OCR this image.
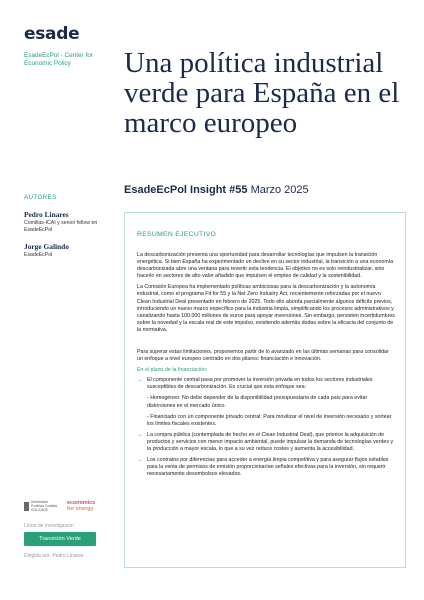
esade
EsadeEcPol - Center for Economic Policy
AUTORES
Pedro Linares
Comillas-ICAI y senior fellow en EsadeEcPol
Jorge Galindo
EsadeEcPol
Una política industrial verde para España en el marco europeo
EsadeEcPol Insight #55 Marzo 2025
RESUMEN EJECUTIVO

La descarbonización presenta una oportunidad para desarrollar tecnologías que impulsen la transición energética. Si bien España ha experimentado un declive en su sector industrial, la transición a una economía descarbonizada abre una ventana para revertir esta tendencia. El objetivo no es solo reindustrializar, sino hacerlo en sectores de alto valor añadido que impulsen el empleo de calidad y la sostenibilidad.

La Comisión Europea ha implementado políticas ambiciosas para la descarbonización y la autonomía industrial, como el programa Fit for 55 y la Net Zero Industry Act, recientemente reforzadas por el nuevo Clean Industrial Deal presentado en febrero de 2025. Todo ello aborda parcialmente algunos déficits previos, introduciendo un nuevo marco específico para la industria limpia, simplificando los procesos administrativos y canalizando hasta 100.000 millones de euros para apoyar inversiones. Sin embargo, persisten incertidumbres sobre la novedad y la escala real de este impulso, existiendo además dudas sobre la eficacia del conjunto de la normativa.

Para superar estas limitaciones, proponemos partir de lo avanzado en las últimas semanas para consolidar un enfoque a nivel europeo centrado en dos pilares: financiación e innovación.

En el plano de la financiación:
→ El componente central pasa por promover la inversión privada en todos los sectores industriales susceptibles de descarbonización. Es crucial que esta enfoque sea:

- Homogéneo: No debe depender de la disponibilidad presupuestaria de cada país para evitar distorsiones en el mercado único.

- Financiado con un componente privado central: Para movilizar el nivel de inversión necesario y sortear los límites fiscales existentes.

→ La compra pública (contemplada de hecho en el Clean Industrial Deal), que priorice la adquisición de productos y servicios con menor impacto ambiental, puede impulsar la demanda de tecnologías verdes y la producción a mayor escala, lo que a su vez reduce costes y aumenta la accesibilidad.

→ Los contratos por diferencias para acceder a energía limpia competitiva y para asegurar flujos estables para la venta de permisos de emisión proporcionarían señales efectivas para la inversión, sin requerir necesariamente desembolsos elevados.

Universidad Pontificia Comillas ICAI ICADE
economics
for energy
Línea de investigación
Transición Verde
Dirigida por: Pedro Linares
